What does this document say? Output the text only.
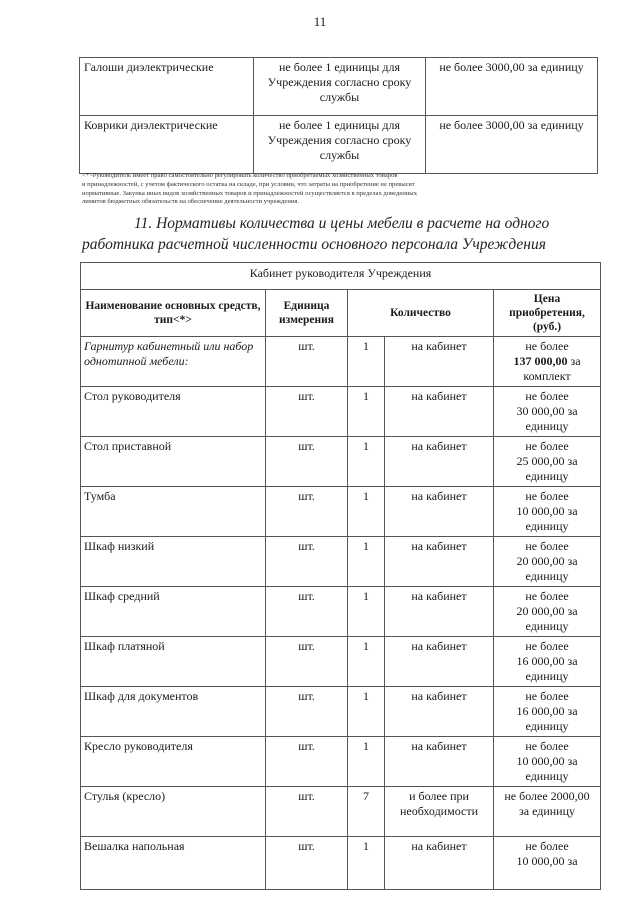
11
Галоши диэлектрические	не более 1 единицы для Учреждения согласно сроку службы	не более 3000,00 за единицу
Коврики диэлектрические	не более 1 единицы для Учреждения согласно сроку службы	не более 3000,00 за единицу
<*>Руководитель имеет право самостоятельно регулировать количество приобретаемых хозяйственных товаров
и принадлежностей, с учетом фактического остатка на складе, при условии, что затраты на приобретение не превысят
нормативные. Закупка иных видов хозяйственных товаров и принадлежностей осуществляется в пределах доведенных
лимитов бюджетных обязательств на обеспечение деятельности учреждения.
11. Нормативы количества и цены мебели в расчете на одного
работника расчетной численности основного персонала Учреждения
Кабинет руководителя Учреждения				
Наименование основных средств, тип<*>	Единица измерения	Количество		Цена приобретения, (руб.)
Гарнитур кабинетный или набор однотипной мебели:	шт.	1	на кабинет	не более
137 000,00 за комплект
Стол руководителя	шт.	1	на кабинет	не более
30 000,00 за единицу
Стол приставной	шт.	1	на кабинет	не более
25 000,00 за единицу
Тумба	шт.	1	на кабинет	не более
10 000,00 за единицу
Шкаф низкий	шт.	1	на кабинет	не более
20 000,00 за единицу
Шкаф средний	шт.	1	на кабинет	не более
20 000,00 за единицу
Шкаф платяной	шт.	1	на кабинет	не более
16 000,00 за единицу
Шкаф для документов	шт.	1	на кабинет	не более
16 000,00 за единицу
Кресло руководителя	шт.	1	на кабинет	не более
10 000,00 за единицу
Стулья (кресло)	шт.	7	и более при необходимости	не более 2000,00
за единицу
Вешалка напольная	шт.	1	на кабинет	не более
10 000,00 за
